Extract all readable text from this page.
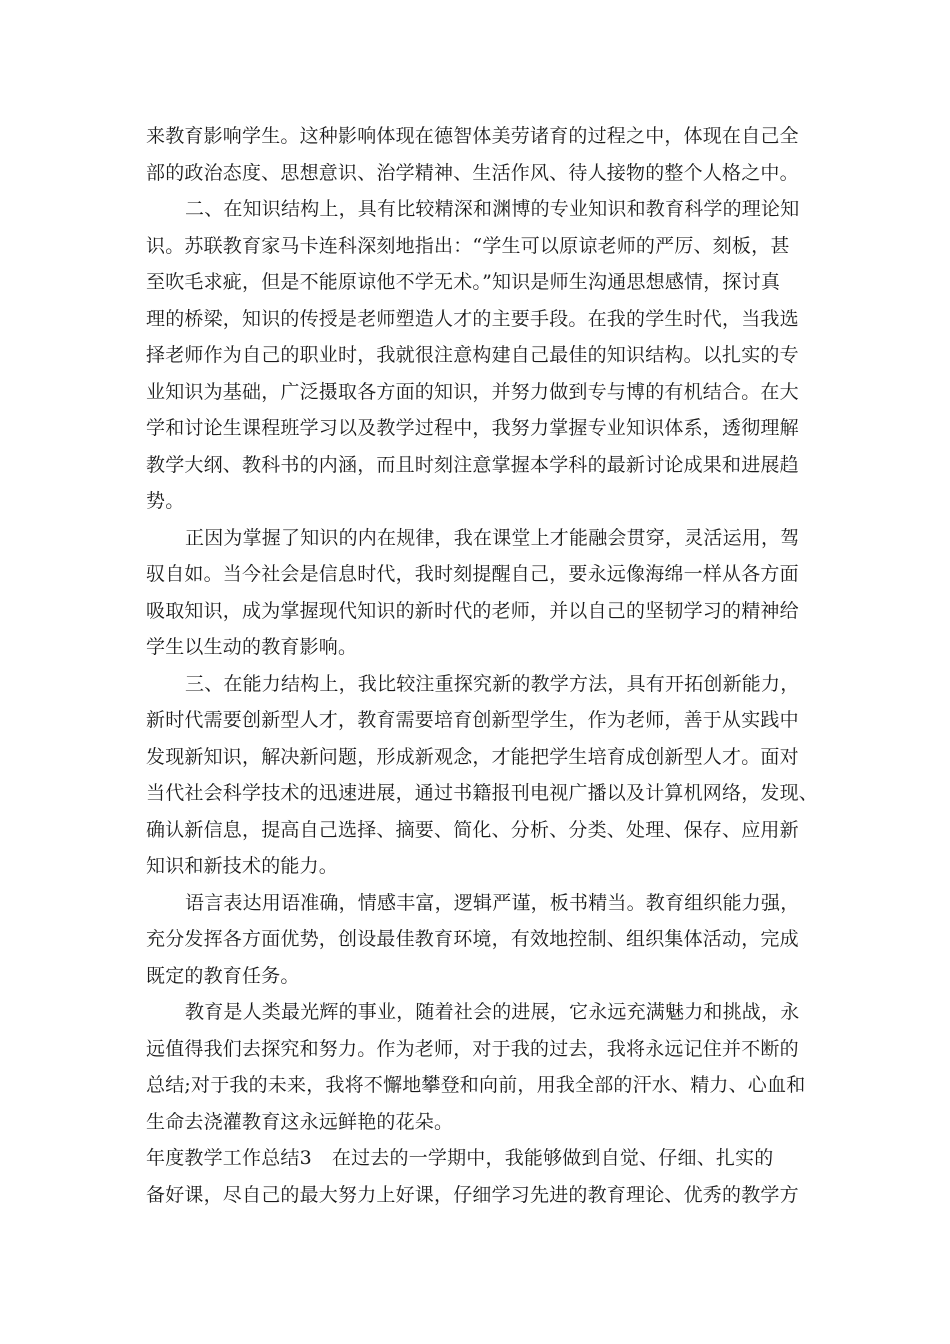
来教育影响学生。这种影响体现在德智体美劳诸育的过程之中，体现在自己全
部的政治态度、思想意识、治学精神、生活作风、待人接物的整个人格之中。
二、在知识结构上，具有比较精深和渊博的专业知识和教育科学的理论知
识。苏联教育家马卡连科深刻地指出：“学生可以原谅老师的严厉、刻板，甚
至吹毛求疵，但是不能原谅他不学无术。”知识是师生沟通思想感情，探讨真
理的桥梁，知识的传授是老师塑造人才的主要手段。在我的学生时代，当我选
择老师作为自己的职业时，我就很注意构建自己最佳的知识结构。以扎实的专
业知识为基础，广泛摄取各方面的知识，并努力做到专与博的有机结合。在大
学和讨论生课程班学习以及教学过程中，我努力掌握专业知识体系，透彻理解
教学大纲、教科书的内涵，而且时刻注意掌握本学科的最新讨论成果和进展趋
势。
正因为掌握了知识的内在规律，我在课堂上才能融会贯穿，灵活运用，驾
驭自如。当今社会是信息时代，我时刻提醒自己，要永远像海绵一样从各方面
吸取知识，成为掌握现代知识的新时代的老师，并以自己的坚韧学习的精神给
学生以生动的教育影响。
三、在能力结构上，我比较注重探究新的教学方法，具有开拓创新能力，
新时代需要创新型人才，教育需要培育创新型学生，作为老师，善于从实践中
发现新知识，解决新问题，形成新观念，才能把学生培育成创新型人才。面对
当代社会科学技术的迅速进展，通过书籍报刊电视广播以及计算机网络，发现、
确认新信息，提高自己选择、摘要、简化、分析、分类、处理、保存、应用新
知识和新技术的能力。
语言表达用语准确，情感丰富，逻辑严谨，板书精当。教育组织能力强，
充分发挥各方面优势，创设最佳教育环境，有效地控制、组织集体活动，完成
既定的教育任务。
教育是人类最光辉的事业，随着社会的进展，它永远充满魅力和挑战，永
远值得我们去探究和努力。作为老师，对于我的过去，我将永远记住并不断的
总结;对于我的未来，我将不懈地攀登和向前，用我全部的汗水、精力、心血和
生命去浇灌教育这永远鲜艳的花朵。
年度教学工作总结3 在过去的一学期中，我能够做到自觉、仔细、扎实的
备好课，尽自己的最大努力上好课，仔细学习先进的教育理论、优秀的教学方
